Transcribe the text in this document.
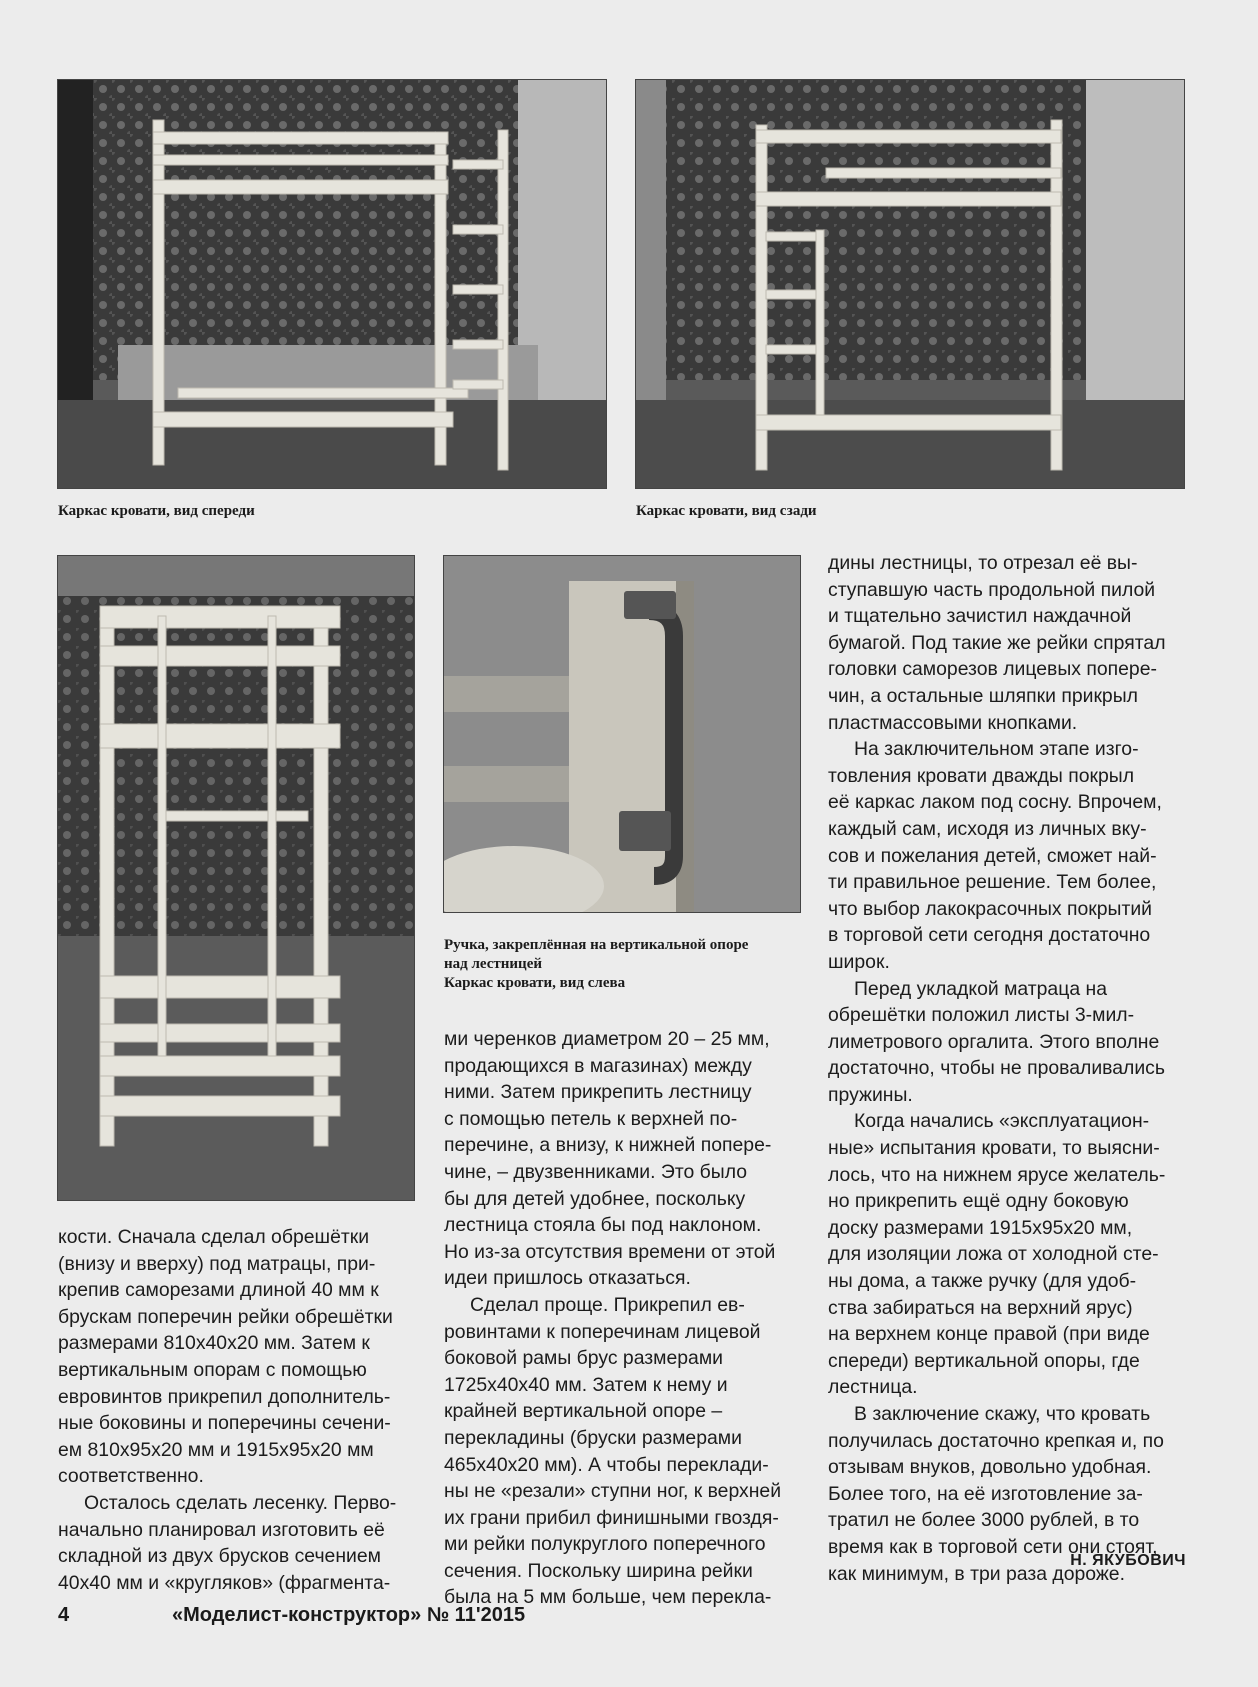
Каркас кровати, вид спереди	Каркас кровати, вид сзади
Ручка, закреплённая на вертикальной опоре
над лестницей
Каркас кровати, вид слева
кости. Сначала сделал обрешётки
(внизу и вверху) под матрацы, при-
крепив саморезами длиной 40 мм к
брускам поперечин рейки обрешётки
размерами 810х40х20 мм. Затем к
вертикальным опорам с помощью
евровинтов прикрепил дополнитель-
ные боковины и поперечины сечени-
ем 810х95х20 мм и 1915х95х20 мм
соответственно.
Осталось сделать лесенку. Перво-
начально планировал изготовить её
складной из двух брусков сечением
40х40 мм и «кругляков» (фрагмента-
ми черенков диаметром 20 – 25 мм,
продающихся в магазинах) между
ними. Затем прикрепить лестницу
с помощью петель к верхней по-
перечине, а внизу, к нижней попере-
чине, – двузвенниками. Это было
бы для детей удобнее, поскольку
лестница стояла бы под наклоном.
Но из-за отсутствия времени от этой
идеи пришлось отказаться.
Сделал проще. Прикрепил ев-
ровинтами к поперечинам лицевой
боковой рамы брус размерами
1725х40х40 мм. Затем к нему и
крайней вертикальной опоре –
перекладины (бруски размерами
465х40х20 мм). А чтобы переклади-
ны не «резали» ступни ног, к верхней
их грани прибил финишными гвоздя-
ми рейки полукруглого поперечного
сечения. Поскольку ширина рейки
была на 5 мм больше, чем перекла-
дины лестницы, то отрезал её вы-
ступавшую часть продольной пилой
и тщательно зачистил наждачной
бумагой. Под такие же рейки спрятал
головки саморезов лицевых попере-
чин, а остальные шляпки прикрыл
пластмассовыми кнопками.
На заключительном этапе изго-
товления кровати дважды покрыл
её каркас лаком под сосну. Впрочем,
каждый сам, исходя из личных вку-
сов и пожелания детей, сможет най-
ти правильное решение. Тем более,
что выбор лакокрасочных покрытий
в торговой сети сегодня достаточно
широк.
Перед укладкой матраца на
обрешётки положил листы 3-мил-
лиметрового оргалита. Этого вполне
достаточно, чтобы не проваливались
пружины.
Когда начались «эксплуатацион-
ные» испытания кровати, то выясни-
лось, что на нижнем ярусе желатель-
но прикрепить ещё одну боковую
доску размерами 1915х95х20 мм,
для изоляции ложа от холодной сте-
ны дома, а также ручку (для удоб-
ства забираться на верхний ярус)
на верхнем конце правой (при виде
спереди) вертикальной опоры, где
лестница.
В заключение скажу, что кровать
получилась достаточно крепкая и, по
отзывам внуков, довольно удобная.
Более того, на её изготовление за-
тратил не более 3000 рублей, в то
время как в торговой сети они стоят,
как минимум, в три раза дороже.
Н. ЯКУБОВИЧ
4	«Моделист-конструктор» № 11'2015
